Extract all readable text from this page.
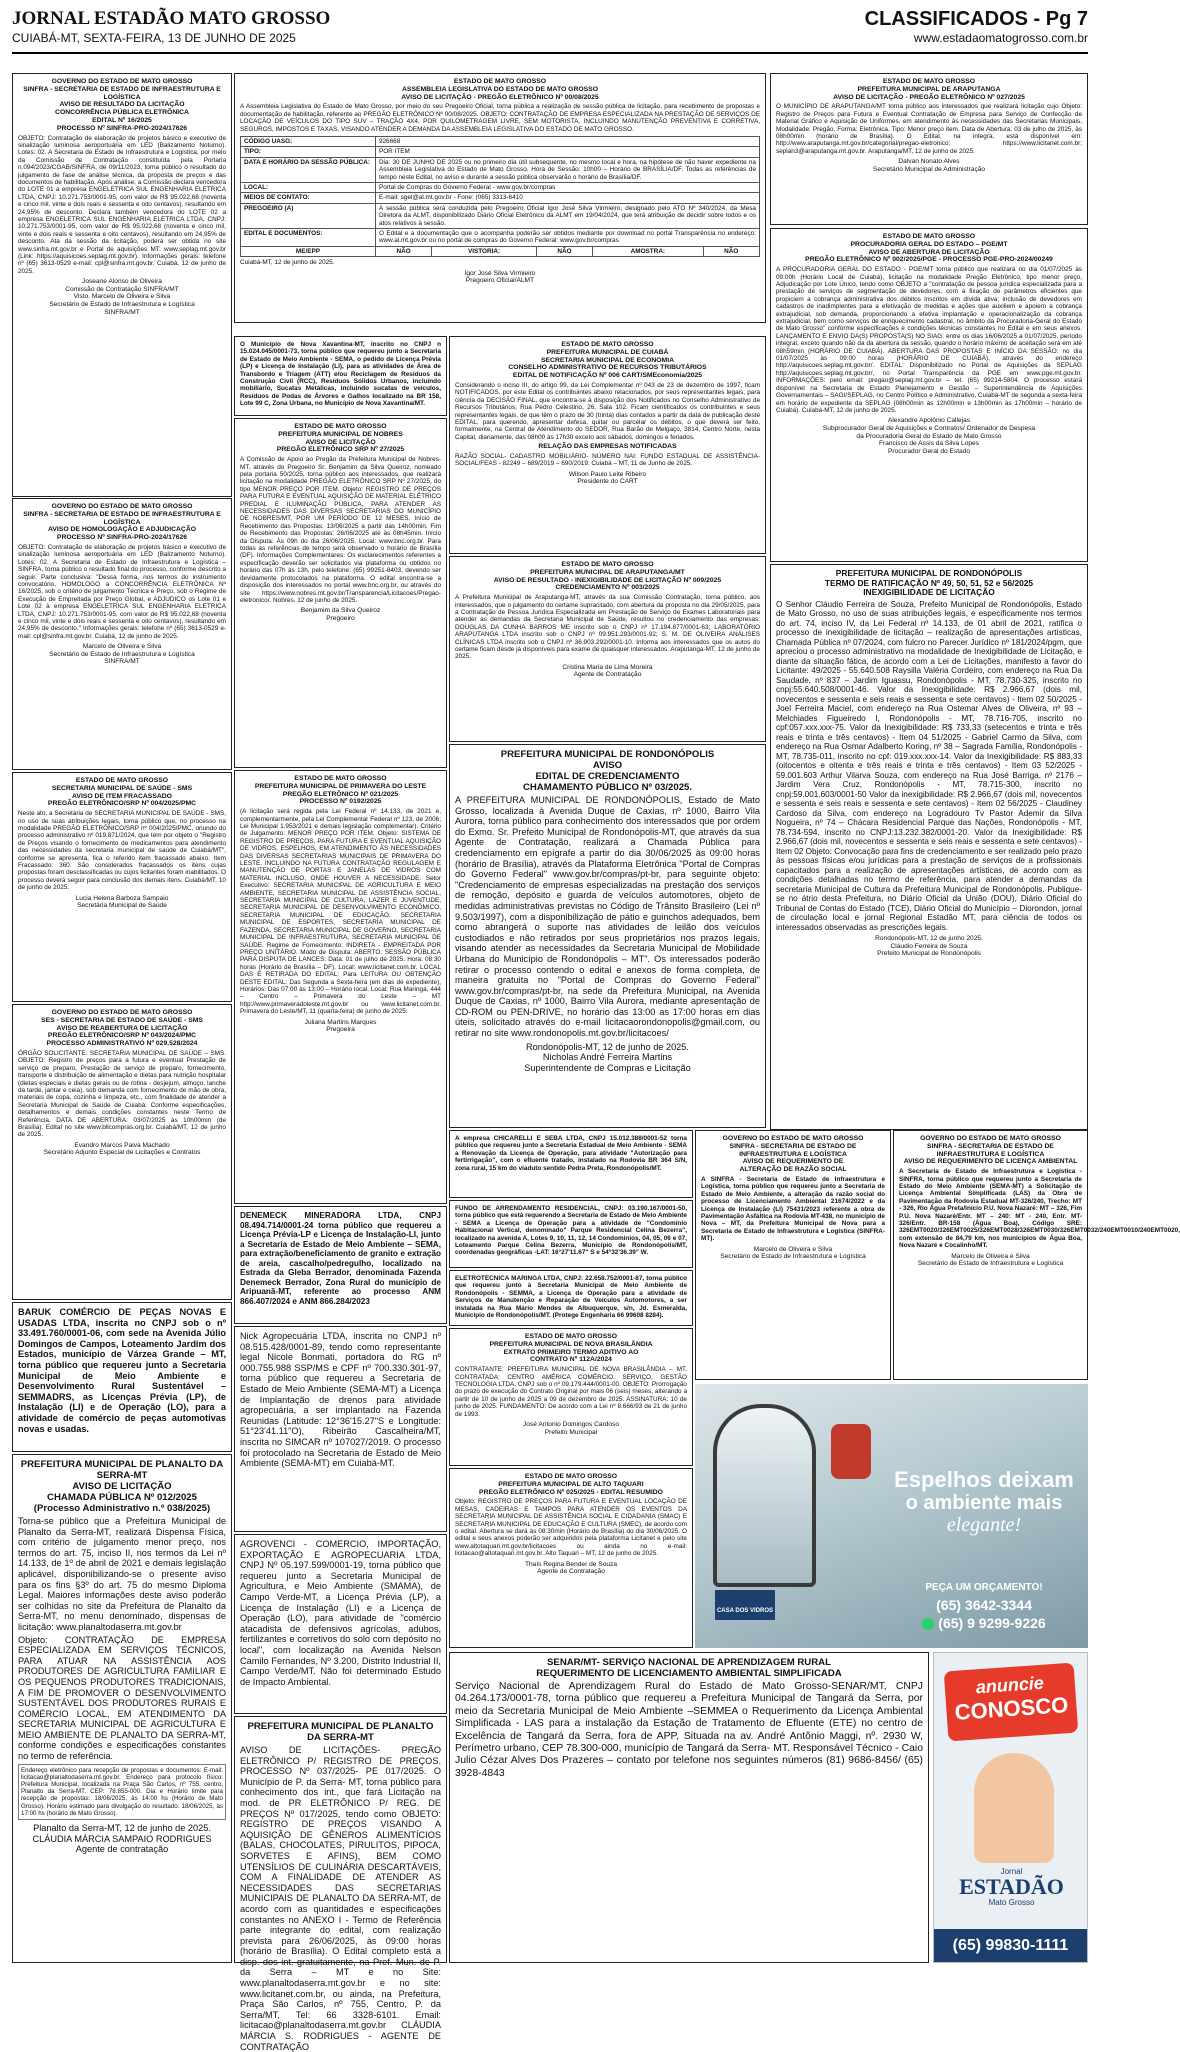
JORNAL ESTADÃO MATO GROSSO
CUIABÁ-MT, SEXTA-FEIRA, 13 DE JUNHO DE 2025
CLASSIFICADOS - Pg 7
www.estadaomatogrosso.com.br
GOVERNO DO ESTADO DE MATO GROSSO
SINFRA - SECRETARIA DE ESTADO DE INFRAESTRUTURA E LOGÍSTICA
AVISO DE RESULTADO DA LICITAÇÃO
CONCORRÊNCIA PÚBLICA ELETRÔNICA
EDITAL Nº 16/2025
PROCESSO Nº SINFRA-PRO-2024/17626
OBJETO: Contratação de elaboração de projetos básico e executivo de sinalização luminosa aeroportuária em LED (Balizamento Noturno). Lotes: 02. A Secretaria de Estado de Infraestrutura e Logística, por meio da Comissão de Contratação constituída pela Portaria n.094/2023/CGAB/SINFRA, de 09/11/2023, torna público o resultado do julgamento de fase de análise técnica, da proposta de preços e das documentos de habilitação. Após análise, a Comissão declara vencedora do LOTE 01 a empresa ENGELETRICA SUL ENGENHARIA ELETRICA LTDA, CNPJ: 10.271.753/0001-95, com valor de R$ 95.022,68 (noventa e cinco mil, vinte e dois reais e sessenta e oito centavos), resultando em 24,95% de desconto. Declara também vencedora do LOTE 02 a empresa ENGELETRICA SUL ENGENHARIA ELETRICA LTDA, CNPJ: 10.271.753/0001-95, com valor de R$ 95.022,68 (noventa e cinco mil, vinte e dois reais e sessenta e oito centavos), resultando em 24,95% de desconto. Ata da sessão da licitação, poderá ser obtida no site www.sinfra.mt.gov.br e Portal de aquisições MT: www.seplag.mt.gov.br (Link: https://aquisicoes.seplag.mt.gov.br). Informações gerais: telefone nº (65) 3613-0529 e-mail: cpl@sinfra.mt.gov.br. Cuiabá, 12 de junho de 2025.
Joseane Alonso de Oliveira
Comissão de Contratação SINFRA/MT
Visto. Marcelo de Oliveira e Silva
Secretário de Estado de Infraestrutura e Logística
SINFRA/MT
GOVERNO DO ESTADO DE MATO GROSSO
SINFRA - SECRETARIA DE ESTADO DE INFRAESTRUTURA E LOGÍSTICA
AVISO DE HOMOLOGAÇÃO E ADJUDICAÇÃO
PROCESSO Nº SINFRA-PRO-2024/17626
OBJETO: Contratação de elaboração de projetos básico e executivo de sinalização luminosa aeroportuária em LED (Balizamento Noturno). Lotes: 02. A Secretaria de Estado de Infraestrutura e Logística – SINFRA, torna público o resultado final do processo, conforme descrito a seguir. Parte conclusiva: "Dessa forma, nos termos do instrumento convocatório, HOMOLOGO a CONCORRÊNCIA ELETRÔNICA Nº 16/2025, sob o critério de julgamento Técnica e Preço, sob o Regime de Execução de Empreitada por Preço Global, e ADJUDICO os Lote 01 e Lote 02 à empresa ENGELETRICA SUL ENGENHARIA ELETRICA LTDA, CNPJ: 10.271.753/0001-95, com valor de R$ 95.022,68 (noventa e cinco mil, vinte e dois reais e sessenta e oito centavos), resultando em 24,95% de desconto." Informações gerais: telefone nº (65) 3613-0529 e-mail: cpl@sinfra.mt.gov.br. Cuiabá, 12 de junho de 2025.
Marcelo de Oliveira e Silva
Secretário de Estado de Infraestrutura e Logística
SINFRA/MT
ESTADO DE MATO GROSSO
SECRETARIA MUNICIPAL DE SAÚDE - SMS
AVISO DE ITEM FRACASSADO
PREGÃO ELETRÔNICO/SRP Nº 004/2025/PMC
Neste ato, a Secretária de SECRETARIA MUNICIPAL DE SAÚDE - SMS, no uso de suas atribuições legais, torna público que, no processo na modalidade PREGÃO ELETRÔNICO/SRP nº 004/2025/PMC, oriundo do processo administrativo nº 019.871/2024, que tem por objeto o "Registro de Preços visando o fornecimento de medicamentos para atendimento das necessidades da secretaria municipal de saúde de Cuiabá/MT", conforme se apresenta, fica o referido item fracassado abaixo. Item Fracassado: 360. São considerados fracassados os itens cujas propostas foram desclassificadas ou cujos licitantes foram inabilitados. O processo deverá seguir para conclusão dos demais itens. Cuiabá/MT, 10 de junho de 2025.
Lucia Helena Barboza Sampaio
Secretária Municipal de Saúde
GOVERNO DO ESTADO DE MATO GROSSO
SES - SECRETARIA DE ESTADO DE SAÚDE - SMS
AVISO DE REABERTURA DE LICITAÇÃO
PREGÃO ELETRÔNICO/SRP Nº 043/2024/PMC
PROCESSO ADMINISTRATIVO Nº 029.528/2024
ÓRGÃO SOLICITANTE: SECRETARIA MUNICIPAL DE SAÚDE – SMS. OBJETO: Registro de preços para a futura e eventual Prestação de serviço de preparo, Prestação de serviço de preparo, fornecimento, transporte e distribuição de alimentação e dietas para nutrição hospitalar (dietas especiais e dietas gerais ou de rotina - desjejum, almoço, lanche da tarde, jantar e ceia), sob demanda com fornecimento de mão de obra, materiais de copa, cozinha e limpeza, etc., com finalidade de atender a Secretaria Municipal de Saúde de Cuiabá. Conforme especificações, detalhamentos e demais condições constantes neste Termo de Referência. DATA DE ABERTURA: 03/07/2025 às 10h00min (de Brasília). Edital no site www.bllcompras.org.br. Cuiabá/MT, 12 de junho de 2025.
Evandro Marcos Paiva Machado
Secretário Adjunto Especial de Licitações e Contratos
BARUK COMÉRCIO DE PEÇAS NOVAS E USADAS LTDA, inscrita no CNPJ sob o nº 33.491.760/0001-06, com sede na Avenida Júlio Domingos de Campos, Loteamento Jardim dos Estados, município de Várzea Grande – MT, torna público que requereu junto a Secretaria Municipal de Meio Ambiente e Desenvolvimento Rural Sustentável – SEMMADRS, as Licenças Prévia (LP), de Instalação (LI) e de Operação (LO), para a atividade de comércio de peças automotivas novas e usadas.
PREFEITURA MUNICIPAL DE PLANALTO DA SERRA-MT
AVISO DE LICITAÇÃO
CHAMADA PÚBLICA Nº 012/2025
(Processo Administrativo n.º 038/2025)
Torna-se público que a Prefeitura Municipal de Planalto da Serra-MT, realizará Dispensa Física, com critério de julgamento menor preço, nos termos do art. 75, inciso II, nos termos da Lei nº 14.133, de 1º de abril de 2021 e demais legislação aplicável, disponibilizando-se o presente aviso para os fins §3º do art. 75 do mesmo Diploma Legal. Maiores informações deste aviso poderão ser colhidas no site da Prefeitura de Planalto da Serra-MT, no menu denominado, dispensas de licitação: www.planaltodaserra.mt.gov.br
Objeto: CONTRATAÇÃO DE EMPRESA ESPECIALIZADA EM SERVIÇOS TÉCNICOS, PARA ATUAR NA ASSISTÊNCIA AOS PRODUTORES DE AGRICULTURA FAMILIAR E OS PEQUENOS PRODUTORES TRADICIONAIS, A FIM DE PROMOVER O DESENVOLVIMENTO SUSTENTÁVEL DOS PRODUTORES RURAIS E COMÉRCIO LOCAL, EM ATENDIMENTO DA SECRETARIA MUNICIPAL DE AGRICULTURA E MEIO AMBIENTE DE PLANALTO DA SERRA-MT, conforme condições e especificações constantes no termo de referência.
Endereço eletrônico para recepção de propostas e documentos: E-mail: licitacao@planaltodaserra.mt.gov.br. Endereço para protocolo físico: Prefeitura Municipal, localizada na Praça São Carlos, nº 755, centro, Planalto da Serra-MT. CEP: 78.855-000. Dia e Horário limite para recepção de propostas: 18/06/2025, às 14:00 hs (Horário de Mato Grosso). Horário estimado para divulgação do resultado: 18/06/2025, às 17:00 hs (horário de Mato Grosso).
Planalto da Serra-MT, 12 de junho de 2025.
CLÁUDIA MÁRCIA SAMPAIO RODRIGUES
Agente de contratação
ESTADO DE MATO GROSSO
ASSEMBLEIA LEGISLATIVA DO ESTADO DE MATO GROSSO
AVISO DE LICITAÇÃO - PREGÃO ELETRÔNICO Nº 00/08/2025
A Assembleia Legislativa do Estado de Mato Grosso, por meio do seu Pregoeiro Oficial, torna pública a realização de sessão pública de licitação, para recebimento de propostas e documentação de habilitação, referente ao PREGÃO ELETRÔNICO Nº 00/08/2025. OBJETO: CONTRATAÇÃO DE EMPRESA ESPECIALIZADA NA PRESTAÇÃO DE SERVIÇOS DE LOCAÇÃO DE VEÍCULOS DO TIPO SUV – TRAÇÃO 4X4, POR QUILOMETRAGEM LIVRE, SEM MOTORISTA, INCLUINDO MANUTENÇÃO PREVENTIVA E CORRETIVA, SEGUROS, IMPOSTOS E TAXAS, VISANDO ATENDER A DEMANDA DA ASSEMBLEIA LEGISLATIVA DO ESTADO DE MATO GROSSO.
CÓDIGO UASG:	926668				
TIPO:	POR ITEM				
DATA E HORÁRIO DA SESSÃO PÚBLICA:	Dia: 30 DE JUNHO DE 2025 ou no primeiro dia útil subsequente, no mesmo local e hora, na hipótese de não haver expediente na Assembleia Legislativa do Estado de Mato Grosso. Hora de Sessão: 10h00 – Horário de BRASÍLIA/DF. Todas as referências de tempo neste Edital, no aviso e durante a sessão pública observarão o horário de Brasília/DF.				
LOCAL:	Portal de Compras do Governo Federal - www.gov.br/compras				
MEIOS DE CONTATO:	E-mail: sgel@al.mt.gov.br - Fone: (065) 3313-6410				
PREGOEIRO (A)	A sessão pública será conduzida pelo Pregoeiro Oficial Igor José Silva Virmieiro, designado pelo ATO Nº 340/2024, da Mesa Diretora da ALMT, disponibilizado Diário Oficial Eletrônico da ALMT em 19/04/2024, que terá atribuição de decidir sobre todos e os atos relativos à sessão.				
EDITAL E DOCUMENTOS:	O Edital e a documentação que o acompanha poderão ser obtidos mediante por download no portal Transparência no endereço: www.al.mt.gov.br ou no portal de compras do Governo Federal: www.gov.br/compras				
ME/EPP	NÃO	VISTORIA:	NÃO	AMOSTRA:	NÃO
Cuiabá-MT, 12 de junho de 2025.
Igor José Silva Virmieiro
Pregoeiro Oficial/ALMT
O Município de Nova Xavantina-MT, inscrito no CNPJ n 15.024.045/0001-73, torna público que requereu junto a Secretaria de Estado de Meio Ambiente - SEMA, o pedido de Licença Prévia (LP) e Licença de Instalação (LI), para as atividades de Área de Transbordo e Triagem (ATT) e/ou Reciclagem de Resíduos da Construção Civil (RCC), Resíduos Sólidos Urbanos, incluindo mobiliário, Sucatas Metálicas, incluindo sucatas de veículos, Resíduos de Podas de Árvores e Galhos localizado na BR 158, Lote 99 C, Zona Urbana, no Município de Nova Xavantina/MT.
ESTADO DE MATO GROSSO
PREFEITURA MUNICIPAL DE NOBRES
AVISO DE LICITAÇÃO
PREGÃO ELETRÔNICO SRP Nº 27/2025
A Comissão de Apoio ao Pregão da Prefeitura Municipal de Nobres-MT, através do Pregoeiro Sr. Benjamim da Silva Queiroz, nomeado pela portaria 50/2025, torna público aos interessados, que realizará licitação na modalidade PREGÃO ELETRÔNICO SRP Nº 27/2025, do tipo MENOR PREÇO POR ITEM. Objeto: REGISTRO DE PREÇOS PARA FUTURA E EVENTUAL AQUISIÇÃO DE MATERIAL ELÉTRICO PREDIAL E ILUMINAÇÃO PÚBLICA, PARA ATENDER AS NECESSIDADES DAS DIVERSAS SECRETARIAS DO MUNICÍPIO DE NOBRES/MT, POR UM PERÍODO DE 12 MESES. Início de Recebimento das Propostas: 13/06/2025 a partir das 14h00min. Fim de Recebimento das Propostas: 26/06/2025 até às 08h45min. Início da Disputa: Às 09h do dia 26/06/2025. Local: www.bnc.org.br. Para todas as referências de tempo será observado o horário de Brasília (DF). Informações Complementares: Os esclarecimentos referentes a especificação deverão ser solicitados via plataforma ou obtidos no horário das 07h às 13h, pelo telefone: (65) 99251-8403, devendo ser devidamente protocolados na plataforma. O edital encontra-se a disposição dos interessados no portal www.bnc.org.br, ou através do site https://www.nobres.mt.gov.br/Transparencia/Licitacoes/Pregao-eletronico/. Nobres, 12 de junho de 2025.
Benjamim da Silva Queiroz
Pregoeiro
ESTADO DE MATO GROSSO
PREFEITURA MUNICIPAL DE PRIMAVERA DO LESTE
PREGÃO ELETRÔNICO Nº 021/2025
PROCESSO Nº 0192/2025
(A licitação será regida pela Lei Federal nº 14.133, de 2021 e, complementarmente, pela Lei Complementar Federal nº 123, de 2006; Lei Municipal 1.953/2021 e demais legislação complementar). Critério de Julgamento: MENOR PREÇO POR ITEM. Objeto: SISTEMA DE REGISTRO DE PREÇOS, PARA FUTURA E EVENTUAL AQUISIÇÃO DE VIDROS, ESPELHOS, EM ATENDIMENTO ÀS NECESSIDADES DAS DIVERSAS SECRETARIAS MUNICIPAIS DE PRIMAVERA DO LESTE. INCLUINDO NA FUTURA CONTRATAÇÃO REGULAGEM E MANUTENÇÃO DE PORTAS E JANELAS DE VIDROS COM MATERIAL INCLUSO, ONDE HOUVER A NECESSIDADE. Setor Executivo: SECRETARIA MUNICIPAL DE AGRICULTURA E MEIO AMBIENTE, SECRETARIA MUNICIPAL DE ASSISTÊNCIA SOCIAL, SECRETARIA MUNICIPAL DE CULTURA, LAZER E JUVENTUDE, SECRETARIA MUNICIPAL DE DESENVOLVIMENTO ECONÔMICO, SECRETARIA MUNICIPAL DE EDUCAÇÃO, SECRETARIA MUNICIPAL DE ESPORTES, SECRETARIA MUNICIPAL DE FAZENDA, SECRETARIA MUNICIPAL DE GOVERNO, SECRETARIA MUNICIPAL DE INFRAESTRUTURA, SECRETARIA MUNICIPAL DE SAÚDE. Regime de Fornecimento: INDIRETA - EMPREITADA POR PREÇO UNITÁRIO. Modo de Disputa: ABERTO. SESSÃO PÚBLICA PARA DISPUTA DE LANCES: Data: 01 de julho de 2025. Hora: 08:30 horas (Horário de Brasília – DF). Local: www.licitanet.com.br. LOCAL DAS E RETIRADA DO EDITAL: Para LEITURA OU OBTENÇÃO DESTE EDITAL: Das Segunda a Sexta-feira (em dias de expediente), Horários: Das 07:00 às 13:00 – Horário local. Local: Rua Maringá, 444 – Centro – Primavera do Leste – MT http://www.primaveradoleste.mt.gov.br ou www.licitanet.com.br. Primavera do Leste/MT, 11 (quarta-feira) de junho de 2025.
Juliana Martins Marques
Pregoeira
DENEMECK MINERADORA LTDA, CNPJ 08.494.714/0001-24 torna público que requereu a Licença Prévia-LP e Licença de Instalação-LI, junto a Secretaria de Estado de Meio Ambiente – SEMA, para extração/beneficiamento de granito e extração de areia, cascalho/pedregulho, localizado na Estrada da Gleba Berrador, denominada Fazenda Denemeck Berrador, Zona Rural do município de Aripuanã-MT, referente ao processo ANM 866.407/2024 e ANM 866.284/2023
Nick Agropecuária LTDA, inscrita no CNPJ nº 08.515.428/0001-89, tendo como representante legal Nicole Bonmati, portadora do RG nº 000.755.988 SSP/MS e CPF nº 700.330.301-97, torna público que requereu a Secretaria de Estado de Meio Ambiente (SEMA-MT) a Licença de Implantação de drenos para atividade agropecuária, a ser implantado na Fazenda Reunidas (Latitude: 12°36'15.27"S e Longitude: 51°23'41.11"O), Ribeirão Cascalheira/MT, inscrita no SIMCAR nº 107027/2019. O processo foi protocolado na Secretaria de Estado de Meio Ambiente (SEMA-MT) em Cuiabá-MT.
AGROVENCI - COMERCIO, IMPORTAÇÃO, EXPORTAÇÃO E AGROPECUARIA LTDA, CNPJ Nº 05.197.599/0001-19, torna público que requereu junto a Secretaria Municipal de Agricultura, e Meio Ambiente (SMAMA), de Campo Verde-MT, a Licença Prévia (LP), a Licença de Instalação (LI) e a Licença de Operação (LO), para atividade de "comércio atacadista de defensivos agrícolas, adubos, fertilizantes e corretivos do solo com depósito no local", com localização na Avenida Nelson Camilo Fernandes, Nº 3.200, Distrito Industrial II, Campo Verde/MT. Não foi determinado Estudo de Impacto Ambiental.
PREFEITURA MUNICIPAL DE PLANALTO DA SERRA-MT
AVISO DE LICITAÇÕES- PREGÃO ELETRÔNICO P/ REGISTRO DE PREÇOS. PROCESSO Nº 037/2025- PE 017/2025. O Município de P. da Serra- MT, torna público para conhecimento dos int., que fará Licitação na mod. de PR ELETRÔNICO P/ REG. DE PREÇOS Nº 017/2025, tendo como OBJETO: REGISTRO DE PREÇOS VISANDO A AQUISIÇÃO DE GÊNEROS ALIMENTÍCIOS (BALAS, CHOCOLATES, PIRULITOS, PIPOCA, SORVETES E AFINS), BEM COMO UTENSÍLIOS DE CULINÁRIA DESCARTÁVEIS, COM A FINALIDADE DE ATENDER AS NECESSIDADES DAS SECRETARIAS MUNICIPAIS DE PLANALTO DA SERRA-MT, de acordo com as quantidades e especificações constantes no ANEXO I - Termo de Referência parte integrante do edital, com realização prevista para 26/06/2025, às 09:00 horas (horário de Brasília). O Edital completo está a disp. dos int. gratuitamente, na Pref. Mun. de P. da Serra – MT e no Site: www.planaltodaserra.mt.gov.br e no site: www.licitanet.com.br, ou ainda, na Prefeitura, Praça São Carlos, nº 755, Centro, P. da Serra/MT, Tel: 66 3328-6101. Email: licitacao@planaltodaserra.mt.gov.br CLÁUDIA MÁRCIA S. RODRIGUES - AGENTE DE CONTRATAÇÃO
ESTADO DE MATO GROSSO
PREFEITURA MUNICIPAL DE CUIABÁ
SECRETARIA MUNICIPAL DE ECONOMIA
CONSELHO ADMINISTRATIVO DE RECURSOS TRIBUTÁRIOS
EDITAL DE NOTIFICAÇÃO Nº 006 CART/SMEconomia/2025
Considerando o inciso III, do artigo 99, da Lei Complementar nº 043 de 23 de dezembro de 1997, ficam NOTIFICADOS, por este Edital os contribuintes abaixo relacionados, por seus representantes legais, para ciência da DECISÃO FINAL, que encontra-se à disposição dos Notificados no Conselho Administrativo de Recursos Tributários, Rua Pedro Celestino, 26, Sala 102. Ficam cientificados os contribuintes e seus representantes legais, de que têm o prazo de 30 (trinta) dias contados a partir da data de publicação deste EDITAL, para querendo, apresentar defesa, quitar ou parcelar os débitos, o que deverá ser feito, formalmente, na Central de Atendimento do SEDOR, Rua Barão de Melgaço, 3814, Centro Norte, nesta Capital, diariamente, das 08h00 às 17h30 exceto aos sábados, domingos e feriados.
RELAÇÃO DAS EMPRESAS NOTIFICADAS
RAZÃO SOCIAL- CADASTRO MOBILIÁRIO- NÚMERO NAI: FUNDO ESTADUAL DE ASSISTÊNCIA-SOCIAL/FEAS - 82249 – 689/2019 – 690/2019. Cuiabá – MT, 11 de Junho de 2025.
Wilson Paulo Leite Ribeiro
Presidente do CART
ESTADO DE MATO GROSSO
PREFEITURA MUNICIPAL DE ARAPUTANGA/MT
AVISO DE RESULTADO - INEXIGIBILIDADE DE LICITAÇÃO Nº 009/2025
CREDENCIAMENTO Nº 003/2025
A Prefeitura Municipal de Araputanga-MT, através da sua Comissão Contratação, torna público, aos interessados, que o julgamento do certame supracitado, com abertura da proposta no dia 29/05/2025, para a Contratação de Pessoa Jurídica Especializada em Prestação de Serviço de Exames Laboratoriais para atender as demandas da Secretaria Municipal de Saúde, resultou no credenciamento das empresas: DOUGLAS DA CUNHA BARROS ME inscrito sob o CNPJ nº 17.194.877/0001-63; LABORATÓRIO ARAPUTANGA LTDA inscrito sob o CNPJ nº 09.951.293/0001-92; S. M. DE OLIVEIRA ANÁLISES CLÍNICAS LTDA inscrito sob o CNPJ nº 36.903.292/0001-10. Informa aos interessados que os autos do certame ficam desde já disponíveis para exame de quaisquer interessados. Araputanga-MT, 12 de junho de 2025.
Cristina Maria de Lima Moreira
Agente de Contratação
PREFEITURA MUNICIPAL DE RONDONÓPOLIS
AVISO
EDITAL DE CREDENCIAMENTO
CHAMAMENTO PÚBLICO Nº 03/2025.
A PREFEITURA MUNICIPAL DE RONDONÓPOLIS, Estado de Mato Grosso, localizada à Avenida Duque de Caxias, nº 1000, Bairro Vila Aurora, torna público para conhecimento dos interessados que por ordem do Exmo. Sr. Prefeito Municipal de Rondonópolis-MT, que através da sua Agente de Contratação, realizará a Chamada Pública para credenciamento em epígrafe a partir do dia 30/06/2025 às 09:00 horas (horário de Brasília), através da Plataforma Eletrônica "Portal de Compras do Governo Federal" www.gov.br/compras/pt-br, para seguinte objeto: "Credenciamento de empresas especializadas na prestação dos serviços de remoção, depósito e guarda de veículos automotores, objeto de medidas administrativas previstas no Código de Trânsito Brasileiro (Lei nº 9.503/1997), com a disponibilização de pátio e guinchos adequados, bem como abrangerá o suporte nas atividades de leilão dos veículos custodiados e não retirados por seus proprietários nos prazos legais, visando atender as necessidades da Secretaria Municipal de Mobilidade Urbana do Município de Rondonópolis – MT". Os interessados poderão retirar o processo contendo o edital e anexos de forma completa, de maneira gratuita no "Portal de Compras do Governo Federal" www.gov.br/compras/pt-br, na sede da Prefeitura Municipal, na Avenida Duque de Caxias, nº 1000, Bairro Vila Aurora, mediante apresentação de CD-ROM ou PEN-DRIVE, no horário das 13:00 as 17:00 horas em dias úteis, solicitado através do e-mail licitacaorondonopolis@gmail.com, ou retirar no site www.rondonopolis.mt.gov.br/licitacoes/
Rondonópolis-MT, 12 de junho de 2025.
Nicholas André Ferreira Martins
Superintendente de Compras e Licitação
A empresa CHICARELLI E SEBA LTDA, CNPJ 15.012.388/0001-52 torna público que requereu junto a Secretaria Estadual de Meio Ambiente - SEMA a Renovação da Licença de Operação, para atividade "Autorização para fertirrigação", com o efluente tratado, instalado na Rodovia BR 364 S/N, zona rural, 15 km do viaduto sentido Pedra Preta, Rondonópolis/MT.
FUNDO DE ARRENDAMENTO RESIDENCIAL, CNPJ: 03.190.167/0001-50, torna público que está requerendo a Secretaria de Estado de Meio Ambiente - SEMA a Licença de Operação para a atividade de "Condomínio Habitacional Vertical, denominado" Parque Residencial Celina Bezerra", localizado na avenida A, Lotes 9, 10, 11, 12, 14 Condomínios, 04, 05, 06 e 07, Loteamento Parque Celina Bezerra, Município de Rondonópolis/MT, coordenadas geográficas -LAT: 16°27'11.67" S e 54°32'36.39" W.
ELETROTECNICA MARINGA LTDA, CNPJ: 22.658.752/0001-87, torna público que requereu junto à Secretaria Municipal de Meio Ambiente de Rondonópolis - SEMMA, a Licença de Operação para a atividade de Serviços de Manutenção e Reparação de Veículos Automotores, a ser instalada na Rua Mário Mendes de Albuquerque, s/n, Jd. Esmeralda, Município de Rondonópolis/MT. (Protege Engenharia 66 99608 8284).
ESTADO DE MATO GROSSO
PREFEITURA MUNICIPAL DE NOVA BRASILÂNDIA
EXTRATO PRIMEIRO TERMO ADITIVO AO
CONTRATO Nº 112A/2024
CONTRATANTE: PREFEITURA MUNICIPAL DE NOVA BRASILÂNDIA – MT. CONTRATADA: CENTRO AMÉRICA COMÉRCIO, SERVIÇO, GESTÃO TECNOLOGIA LTDA, CNPJ sob o nº 09.179.444/0001-00. OBJETO: Prorrogação do prazo de execução do Contrato Original por mais 06 (seis) meses, alterando a partir de 10 de junho de 2025 a 09 de dezembro de 2025. ASSINATURA: 10 de junho de 2025. FUNDAMENTO: De acordo com a Lei nº 8.666/93 de 21 de junho de 1993.
José Antonio Domingos Cardoso
Prefeito Municipal
ESTADO DE MATO GROSSO
PREFEITURA MUNICIPAL DE ALTO TAQUARI
PREGÃO ELETRÔNICO Nº 025/2025 - EDITAL RESUMIDO
Objeto: REGISTRO DE PREÇOS PARA FUTURA E EVENTUAL LOCAÇÃO DE MESAS, CADEIRAS E TAMPOS PARA ATENDER OS EVENTOS DA SECRETARIA MUNICIPAL DE ASSISTÊNCIA SOCIAL E CIDADANIA (SMAC) E SECRETARIA MUNICIPAL DE EDUCAÇÃO E CULTURA (SMEC), de acordo com o edital. Abertura se dará às 08:30min (Horário de Brasília) do dia 30/06/2025. O edital e seus anexos poderão ser adquiridos pela plataforma Licitanet e pelo site www.altotaquari.mt.gov.br/licitacoes ou ainda no e-mail: licitacao@altotaquari.mt.gov.br. Alto Taquari – MT, 12 de junho de 2025.
Thaís Regina Bender de Souza
Agente de Contratação
SENAR/MT- SERVIÇO NACIONAL DE APRENDIZAGEM RURAL
REQUERIMENTO DE LICENCIAMENTO AMBIENTAL SIMPLIFICADA
Serviço Nacional de Aprendizagem Rural do Estado de Mato Grosso-SENAR/MT, CNPJ 04.264.173/0001-78, torna público que requereu a Prefeitura Municipal de Tangará da Serra, por meio da Secretaria Municipal de Meio Ambiente –SEMMEA o Requerimento da Licença Ambiental Simplificada - LAS para a instalação da Estação de Tratamento de Efluente (ETE) no centro de Excelência de Tangará da Serra, fora de APP, Situada na av. André Antônio Maggi, nº. 2930 W, Perímetro urbano, CEP 78.300-000, município de Tangará da Serra- MT. Responsável Técnico - Caio Julio Cézar Alves Dos Prazeres – contato por telefone nos seguintes números (81) 9686-8456/ (65) 3928-4843
ESTADO DE MATO GROSSO
PREFEITURA MUNICIPAL DE ARAPUTANGA
AVISO DE LICITAÇÃO - PREGÃO ELETRÔNICO Nº 027/2025
O MUNICÍPIO DE ARAPUTANGA/MT torna público aos interessados que realizará licitação cujo Objeto: Registro de Preços para Futura e Eventual Contratação de Empresa para Serviço de Confecção de Material Gráfico e Aquisição de Uniformes, em atendimento às necessidades das Secretarias Municipais, Modalidade: Pregão. Forma: Eletrônica. Tipo: Menor preço item. Data de Abertura: 03 de julho de 2025, às 08h00min (horário de Brasília). O Edital, na íntegra, está disponível em: http://www.araputanga.mt.gov.br/categorial/pregao-eletronico; https://www.licitanet.com.br; seplan3@araputanga.mt.gov.br. Araputanga/MT, 12 de junho de 2025.
Dalvan Nonato Alves
Secretário Municipal de Administração
ESTADO DE MATO GROSSO
PROCURADORIA GERAL DO ESTADO – PGE/MT
AVISO DE ABERTURA DE LICITAÇÃO
PREGÃO ELETRÔNICO Nº 002/2025/PGE - PROCESSO PGE-PRO-2024/00249
A PROCURADORIA GERAL DO ESTADO - PGE/MT torna público que realizará no dia 01/07/2025 às 09:00h (Horário Local de Cuiabá), licitação na modalidade Pregão Eletrônico, tipo menor preço, Adjudicação por Lote Único, tendo como OBJETO a "contratação de pessoa jurídica especializada para a prestação de serviços de segmentação de devedores, com a fixação de parâmetros eficientes que propiciem a cobrança administrativa dos débitos inscritos em dívida ativa; inclusão de devedores em cadastros de inadimplentes para a efetivação de medidas e ações que auxiliem e apoiem a cobrança extrajudicial, sob demanda, proporcionando a efetiva implantação e operacionalização da cobrança extrajudicial, bem como serviços de enriquecimento cadastral, no âmbito da Procuradoria-Geral do Estado de Mato Grosso" conforme especificações e condições técnicas constantes no Edital e em seus anexos. LANÇAMENTO E ENVIO DA(S) PROPOSTA(S) NO SIAG: entre os dias 16/06/2025 a 01/07/2025, período integral, exceto quando não da da abertura da sessão, quando o horário máximo de aceitação será em até 08h59min (HORÁRIO DE CUIABÁ). ABERTURA DAS PROPOSTAS E INÍCIO DA SESSÃO: no dia 01/07/2025 às 09:00 horas (HORÁRIO DE CUIABÁ), através do endereço http://aquisicoes.seplag.mt.gov.br/. EDITAL: Disponibilizado no Portal de Aquisições da SEPLAG http://aquisicoes.seplag.mt.gov.br/, no Portal Transparência da PGE em www.pge.mt.gov.br. INFORMAÇÕES: pelo email: pregao@seplag.mt.gov.br – tel. (65) 99214-5804. O processo estará disponível na Secretaria de Estado Planejamento e Gestão – Superintendência de Aquisições Governamentais – SAGI/SEPLAG, no Centro Político e Administrativo, Cuiabá-MT de segunda a sexta-feira em horário de expediente da SEPLAG (08h00min às 12h00min e 13h00min às 17h00min – horário de Cuiabá). Cuiabá-MT, 12 de junho de 2025.
Alexandre Apolônio Callejas
Subprocurador Geral de Aquisições e Contratos/ Ordenador de Despesa
da Procuradoria Geral do Estado de Mato Grosso
Francisco de Assis da Silva Lopes
Procurador Geral do Estado
PREFEITURA MUNICIPAL DE RONDONÓPOLIS
TERMO DE RATIFICAÇÃO Nº 49, 50, 51, 52 e 56/2025
INEXIGIBILIDADE DE LICITAÇÃO
O Senhor Cláudio Ferreira de Souza, Prefeito Municipal de Rondonópolis, Estado de Mato Grosso, no uso de suas atribuições legais, e especificamente nos termos do art. 74, inciso IV, da Lei Federal nº 14.133, de 01 abril de 2021, ratifica o processo de inexigibilidade de licitação – realização de apresentações artísticas, Chamada Pública nº 07/2024, com fulcro no Parecer Jurídico nº 181/2024/pgm, que apreciou o processo administrativo na modalidade de Inexigibilidade de Licitação, e diante da situação fática, de acordo com a Lei de Licitações, manifesto a favor do Licitante: 49/2025 - 55.640.508 Raysilla Valéria Cordeiro, com endereço na Rua Da Saudade, nº 837 – Jardim Iguassu, Rondonópolis - MT, 78.730-325, inscrito no cnpj:55.640.508/0001-46. Valor da Inexigibilidade: R$ 2.966,67 (dois mil, novecentos e sessenta e seis reais e sessenta e sete centavos) - Item 02 50/2025 - Joel Ferreira Maciel, com endereço na Rua Ostemar Alves de Oliveira, nº 93 – Melchiades Figueiredo I, Rondonópolis - MT, 78.716-705, inscrito no cpf:057.xxx.xxx-75. Valor da Inexigibilidade: R$ 733,33 (setecentos e trinta e três reais e trinta e três centavos) - Item 04 51/2025 - Gabriel Carmo da Silva, com endereço na Rua Osmar Adalberto Koring, nº 38 – Sagrada Família, Rondonópolis - MT, 78.735-011, inscrito no cpf: 019.xxx.xxx-14. Valor da Inexigibilidade: R$ 883,33 (oitocentos e oitenta e três reais e trinta e três centavos) - Item 03 52/2025 - 59.001.603 Arthur Vilarva Souza, com endereço na Rua José Barriga, nº 2176 – Jardim Vera Cruz, Rondonópolis - MT, 78.715-300, inscrito no cnpj:59.001.603/0001-50 Valor da inexigibilidade: R$ 2.966,67 (dois mil, novecentos e sessenta e seis reais e sessenta e sete centavos) - Item 02 56/2025 - Claudiney Cardoso da Silva, com endereço na Logradouro Tv Pastor Ademir da Silva Nogueira, nº 74 – Chácara Residencial Parque das Nações, Rondonópolis - MT, 78.734-594, inscrito no CNPJ:13.232.382/0001-20. Valor da Inexigibilidade: R$ 2.966,67 (dois mil, novecentos e sessenta e seis reais e sessenta e sete centavos) - Item 02 Objeto: Convocação para fins de credenciamento e ser realizado pelo prazo às pessoas físicas e/ou jurídicas para a prestação de serviços de a profissionais capacitados para a realização de apresentações artísticas, de acordo com as condições detalhadas no termo de referência, para atender a demandas da secretaria Municipal de Cultura da Prefeitura Municipal de Rondonópolis. Publique-se no átrio desta Prefeitura, no Diário Oficial da União (DOU), Diário Oficial do Tribunal de Contas do Estado (TCE), Diário Oficial do Município – Diorondon, jornal de circulação local e jornal Regional Estadão MT, para ciência de todos os interessados observadas as prescrições legais.
Rondonópolis-MT, 12 de junho 2025.
Cláudio Ferreira de Souza
Prefeito Municipal de Rondonópolis
GOVERNO DO ESTADO DE MATO GROSSO
SINFRA - SECRETARIA DE ESTADO DE INFRAESTRUTURA E LOGÍSTICA
AVISO DE REQUERIMENTO DE
ALTERAÇÃO DE RAZÃO SOCIAL
A SINFRA - Secretaria de Estado de Infraestrutura e Logística, torna público que requereu junto a Secretaria de Estado de Meio Ambiente, a alteração da razão social do processo de Licenciamento Ambiental 21674/2022 e da Licença de Instalação (LI) 75431/2023 referente a obra de Pavimentação Asfáltica na Rodovia MT-438, no município de Nova – MT, da Prefeitura Municipal de Nova para a Secretaria de Estado de Infraestrutura e Logística (SINFRA-MT).
Marcelo de Oliveira e Silva
Secretário de Estado de Infraestrutura e Logística
GOVERNO DO ESTADO DE MATO GROSSO
SINFRA - SECRETARIA DE ESTADO DE INFRAESTRUTURA E LOGÍSTICA
AVISO DE REQUERIMENTO DE LICENÇA AMBIENTAL
A Secretaria de Estado de Infraestrutura e Logística - SINFRA, torna público que requereu junto a Secretaria de Estado do Meio Ambiente (SEMA-MT) a Solicitação de Licença Ambiental Simplificada (LAS) da Obra de Pavimentação da Rodovia Estadual MT-326/240, Trecho: MT - 326, Rio Água Preta/Início P.U. Nova Nazaré: MT – 326, Fim P.U. Nova Nazaré/Entr. MT – 240: MT - 240, Entr. MT-326/Entr. BR-158 (Água Boa), Código SRE: 326EMT0020/326EMT0025/326EMT0028/326EMT0030/326EMT0032/240EMT0010/240EMT0020, com extensão de 84,79 km, nos municípios de Água Boa, Nova Nazaré e Cocalinho/MT.
Marcelo de Oliveira e Silva
Secretário de Estado de Infraestrutura e Logística
Espelhos deixam
o ambiente mais
elegante!
CASA DOS VIDROS
PEÇA UM ORÇAMENTO!
(65) 3642-3344
(65) 9 9299-9226
anuncie
CONOSCO
Jornal
ESTADÃO
Mato Grosso
(65) 99830-1111
